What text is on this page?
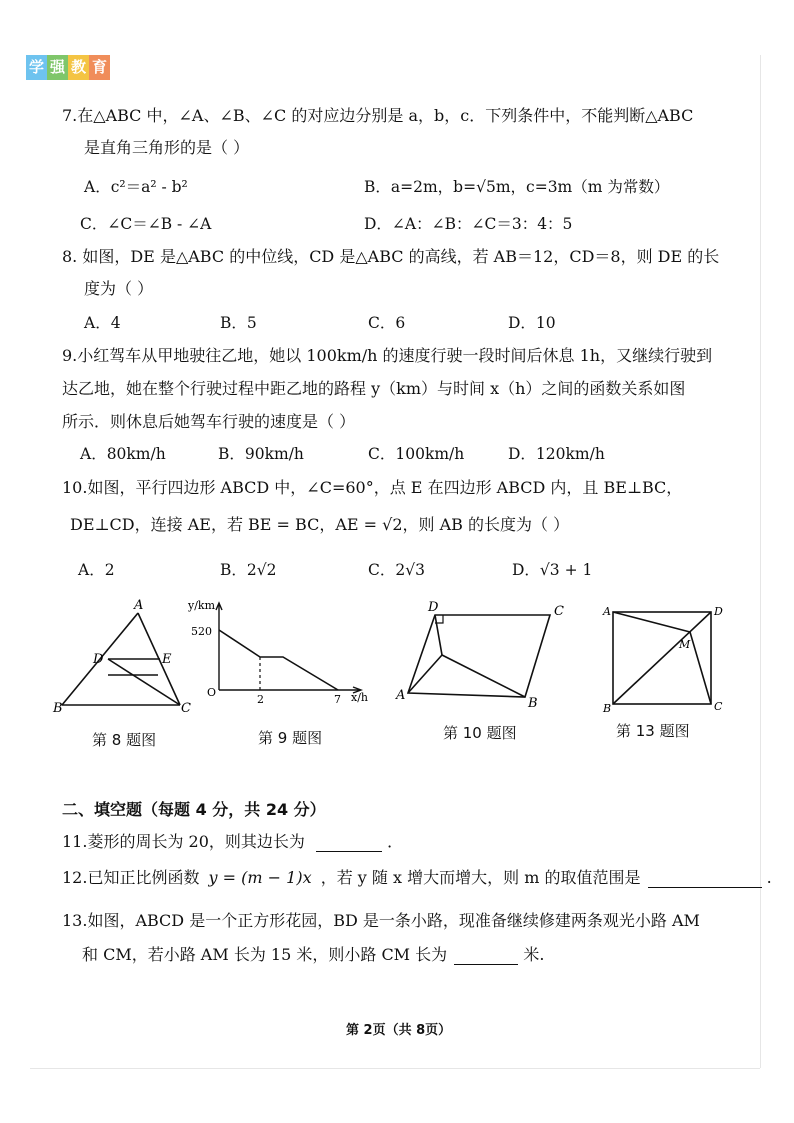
学 强 教 育
7.在△ABC 中，∠A、∠B、∠C 的对应边分别是 a，b，c．下列条件中，不能判断△ABC
是直角三角形的是（ ）
A．c²＝a² - b²	B．a=2m，b=√5m，c=3m（m 为常数）
C．∠C＝∠B - ∠A	D．∠A：∠B：∠C＝3：4：5
8. 如图，DE 是△ABC 的中位线，CD 是△ABC 的高线，若 AB＝12，CD＝8，则 DE 的长
度为（ ）
A．4	B．5	C．6	D．10
9.小红驾车从甲地驶往乙地，她以 100km/h 的速度行驶一段时间后休息 1h，又继续行驶到
达乙地，她在整个行驶过程中距乙地的路程 y（km）与时间 x（h）之间的函数关系如图
所示．则休息后她驾车行驶的速度是（ ）
A．80km/h	B．90km/h	C．100km/h	D．120km/h
10.如图，平行四边形 ABCD 中，∠C=60°，点 E 在四边形 ABCD 内，且 BE⊥BC，
DE⊥CD，连接 AE，若 BE = BC，AE = √2，则 AB 的长度为（ ）
A．2	B．2√2	C．2√3	D．√3 + 1
A
D	E
B	C
第 8 题图
y/km
520
O
2	7 x/h
第 9 题图
D	C
A
B
第 10 题图
A	D
M
B	C
第 13 题图
二、填空题（每题 4 分，共 24 分）
11.菱形的周长为 20，则其边长为	．
12.已知正比例函数 y = (m − 1)x ，若 y 随 x 增大而增大，则 m 的取值范围是	.
13.如图，ABCD 是一个正方形花园，BD 是一条小路，现准备继续修建两条观光小路 AM
和 CM，若小路 AM 长为 15 米，则小路 CM 长为	米.
第 2页（共 8页）
